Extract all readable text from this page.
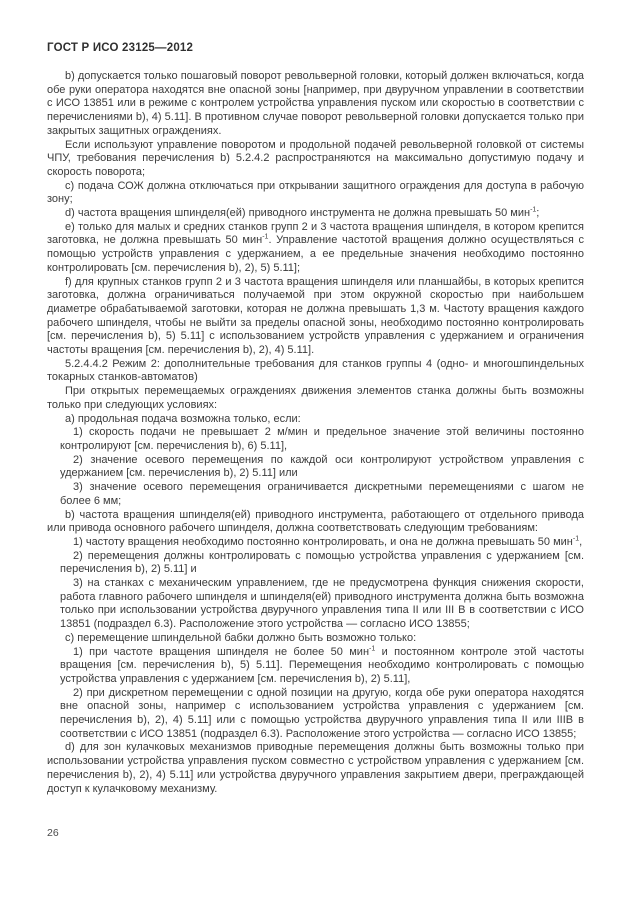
ГОСТ Р ИСО 23125—2012

b) допускается только пошаговый поворот револьверной головки, который должен включаться, когда обе руки оператора находятся вне опасной зоны [например, при двуручном управлении в соответствии с ИСО 13851 или в режиме с контролем устройства управления пуском или скоростью в соответствии с перечислениями b), 4) 5.11]. В противном случае поворот револьверной головки допускается только при закрытых защитных ограждениях.

Если используют управление поворотом и продольной подачей револьверной головкой от системы ЧПУ, требования перечисления b) 5.2.4.2 распространяются на максимально допустимую подачу и скорость поворота;

c) подача СОЖ должна отключаться при открывании защитного ограждения для доступа в рабочую зону;

d) частота вращения шпинделя(ей) приводного инструмента не должна превышать 50 мин$^{-1}$;

e) только для малых и средних станков групп 2 и 3 частота вращения шпинделя, в котором крепится заготовка, не должна превышать 50 мин$^{-1}$. Управление частотой вращения должно осуществляться с помощью устройств управления с удержанием, а ее предельные значения необходимо постоянно контролировать [см. перечисления b), 2), 5) 5.11];

f) для крупных станков групп 2 и 3 частота вращения шпинделя или планшайбы, в которых крепится заготовка, должна ограничиваться получаемой при этом окружной скоростью при наибольшем диаметре обрабатываемой заготовки, которая не должна превышать 1,3 м. Частоту вращения каждого рабочего шпинделя, чтобы не выйти за пределы опасной зоны, необходимо постоянно контролировать [см. перечисления b), 5) 5.11] с использованием устройств управления с удержанием и ограничения частоты вращения [см. перечисления b), 2), 4) 5.11].

5.2.4.4.2 Режим 2: дополнительные требования для станков группы 4 (одно- и многошпиндельных токарных станков-автоматов)

При открытых перемещаемых ограждениях движения элементов станка должны быть возможны только при следующих условиях:

a) продольная подача возможна только, если:

1) скорость подачи не превышает 2 м/мин и предельное значение этой величины постоянно контролируют [см. перечисления b), 6) 5.11],

2) значение осевого перемещения по каждой оси контролируют устройством управления с удержанием [см. перечисления b), 2) 5.11] или

3) значение осевого перемещения ограничивается дискретными перемещениями с шагом не более 6 мм;

b) частота вращения шпинделя(ей) приводного инструмента, работающего от отдельного привода или привода основного рабочего шпинделя, должна соответствовать следующим требованиям:

1) частоту вращения необходимо постоянно контролировать, и она не должна превышать 50 мин$^{-1}$,

2) перемещения должны контролировать с помощью устройства управления с удержанием [см. перечисления b), 2) 5.11] и

3) на станках с механическим управлением, где не предусмотрена функция снижения скорости, работа главного рабочего шпинделя и шпинделя(ей) приводного инструмента должна быть возможна только при использовании устройства двуручного управления типа II или III B в соответствии с ИСО 13851 (подраздел 6.3). Расположение этого устройства — согласно ИСО 13855;

c) перемещение шпиндельной бабки должно быть возможно только:

1) при частоте вращения шпинделя не более 50 мин$^{-1}$ и постоянном контроле этой частоты вращения [см. перечисления b), 5) 5.11]. Перемещения необходимо контролировать с помощью устройства управления с удержанием [см. перечисления b), 2) 5.11],

2) при дискретном перемещении с одной позиции на другую, когда обе руки оператора находятся вне опасной зоны, например с использованием устройства управления с удержанием [см. перечисления b), 2), 4) 5.11] или с помощью устройства двуручного управления типа II или IIIB в соответствии с ИСО 13851 (подраздел 6.3). Расположение этого устройства — согласно ИСО 13855;

d) для зон кулачковых механизмов приводные перемещения должны быть возможны только при использовании устройства управления пуском совместно с устройством управления с удержанием [см. перечисления b), 2), 4) 5.11] или устройства двуручного управления закрытием двери, преграждающей доступ к кулачковому механизму.

26
